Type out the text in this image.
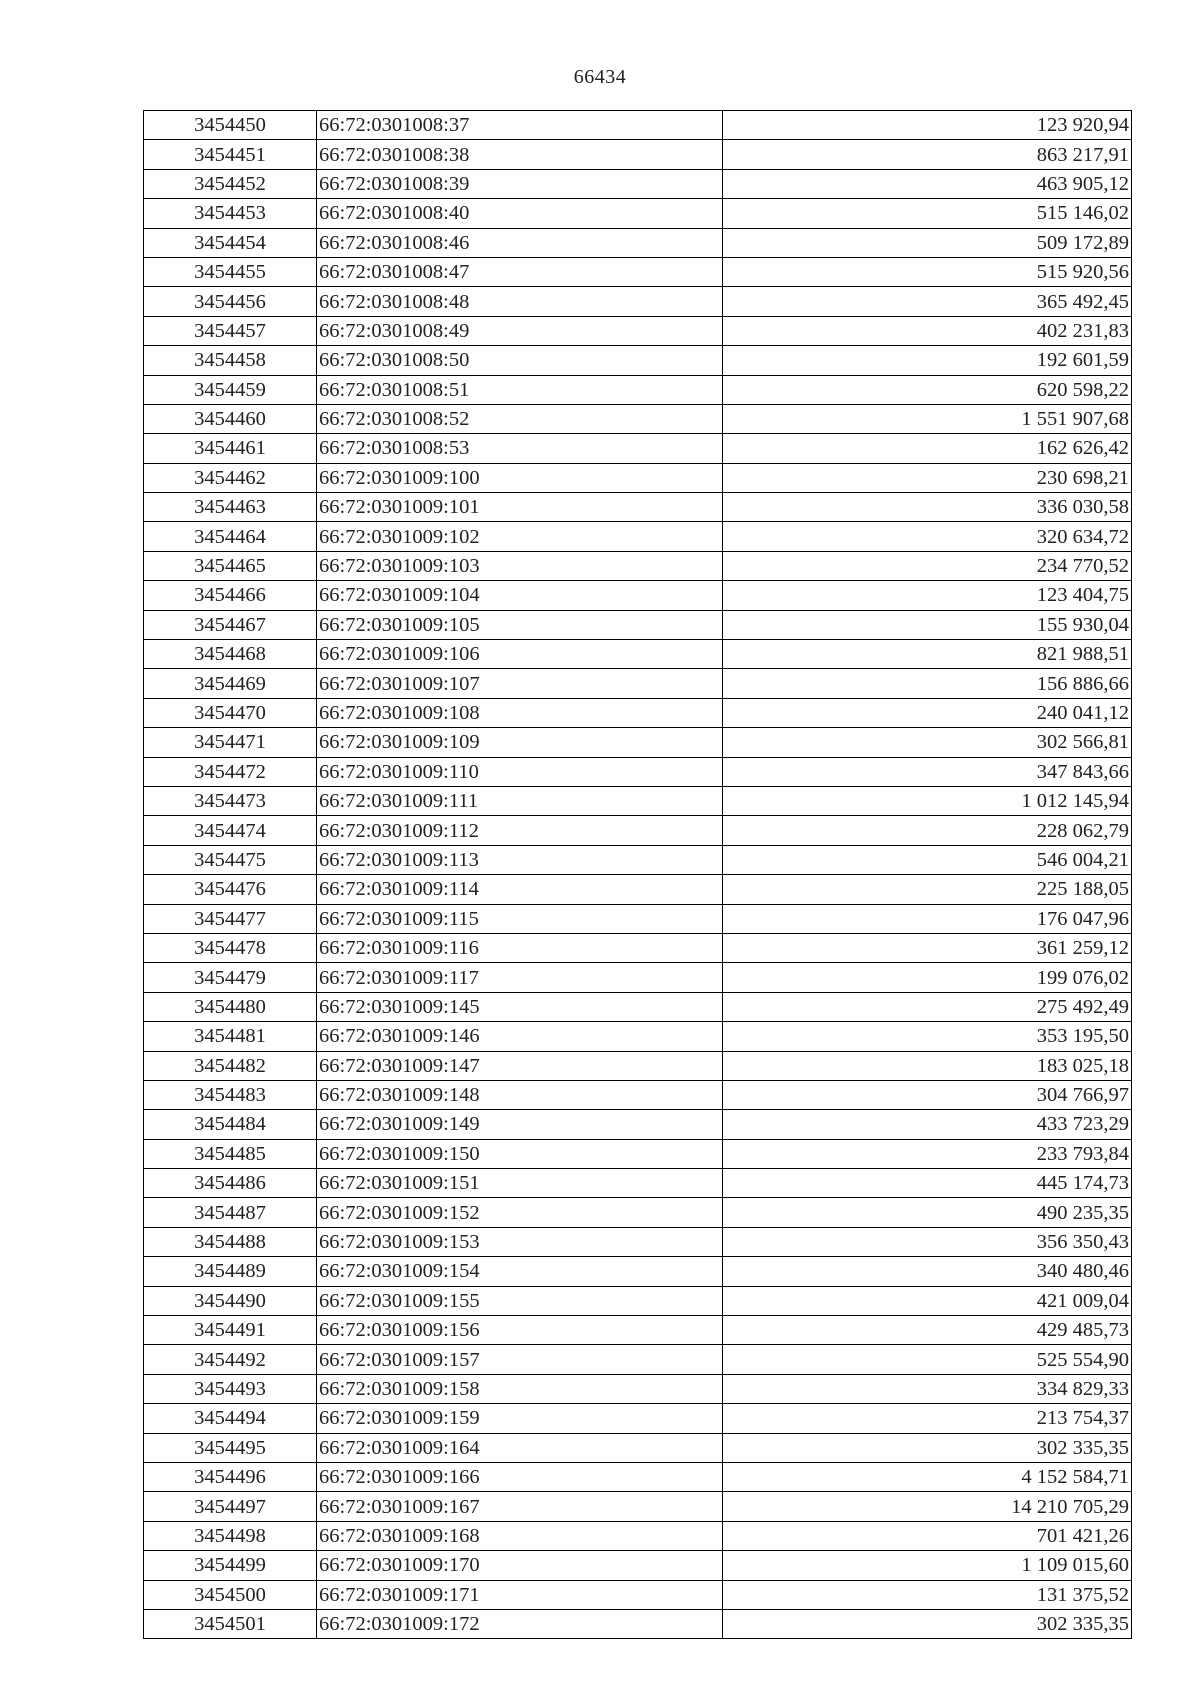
66434
3454450	66:72:0301008:37	123 920,94
3454451	66:72:0301008:38	863 217,91
3454452	66:72:0301008:39	463 905,12
3454453	66:72:0301008:40	515 146,02
3454454	66:72:0301008:46	509 172,89
3454455	66:72:0301008:47	515 920,56
3454456	66:72:0301008:48	365 492,45
3454457	66:72:0301008:49	402 231,83
3454458	66:72:0301008:50	192 601,59
3454459	66:72:0301008:51	620 598,22
3454460	66:72:0301008:52	1 551 907,68
3454461	66:72:0301008:53	162 626,42
3454462	66:72:0301009:100	230 698,21
3454463	66:72:0301009:101	336 030,58
3454464	66:72:0301009:102	320 634,72
3454465	66:72:0301009:103	234 770,52
3454466	66:72:0301009:104	123 404,75
3454467	66:72:0301009:105	155 930,04
3454468	66:72:0301009:106	821 988,51
3454469	66:72:0301009:107	156 886,66
3454470	66:72:0301009:108	240 041,12
3454471	66:72:0301009:109	302 566,81
3454472	66:72:0301009:110	347 843,66
3454473	66:72:0301009:111	1 012 145,94
3454474	66:72:0301009:112	228 062,79
3454475	66:72:0301009:113	546 004,21
3454476	66:72:0301009:114	225 188,05
3454477	66:72:0301009:115	176 047,96
3454478	66:72:0301009:116	361 259,12
3454479	66:72:0301009:117	199 076,02
3454480	66:72:0301009:145	275 492,49
3454481	66:72:0301009:146	353 195,50
3454482	66:72:0301009:147	183 025,18
3454483	66:72:0301009:148	304 766,97
3454484	66:72:0301009:149	433 723,29
3454485	66:72:0301009:150	233 793,84
3454486	66:72:0301009:151	445 174,73
3454487	66:72:0301009:152	490 235,35
3454488	66:72:0301009:153	356 350,43
3454489	66:72:0301009:154	340 480,46
3454490	66:72:0301009:155	421 009,04
3454491	66:72:0301009:156	429 485,73
3454492	66:72:0301009:157	525 554,90
3454493	66:72:0301009:158	334 829,33
3454494	66:72:0301009:159	213 754,37
3454495	66:72:0301009:164	302 335,35
3454496	66:72:0301009:166	4 152 584,71
3454497	66:72:0301009:167	14 210 705,29
3454498	66:72:0301009:168	701 421,26
3454499	66:72:0301009:170	1 109 015,60
3454500	66:72:0301009:171	131 375,52
3454501	66:72:0301009:172	302 335,35
